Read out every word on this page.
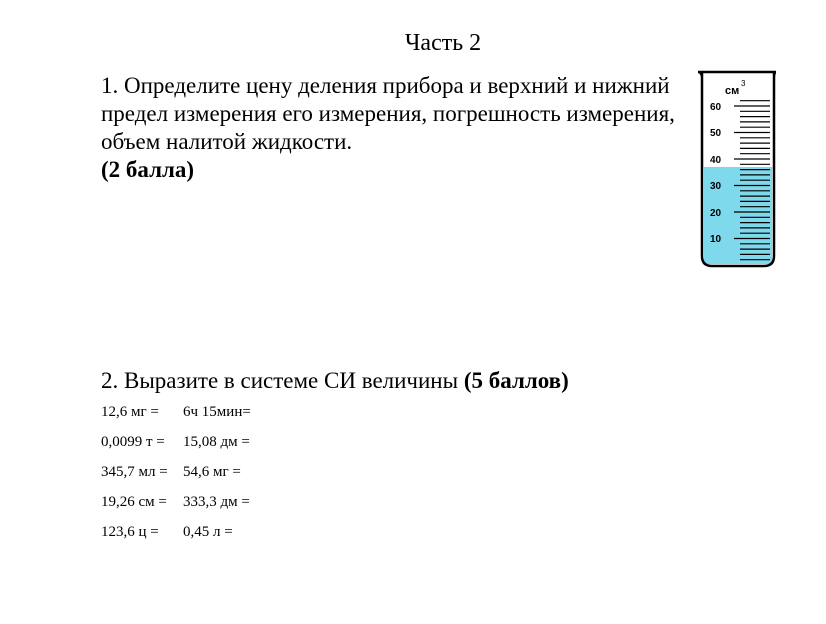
Часть 2
1. Определите цену деления прибора и верхний и нижний предел измерения его измерения, погрешность измерения, объем налитой жидкости.
(2 балла)
см
3
60
50
40
30
20
10
2. Выразите в системе СИ величины (5 баллов)
12,6 мг = 6ч 15мин=
0,0099 т = 15,08 дм =
345,7 мл = 54,6 мг =
19,26 см = 333,3 дм =
123,6 ц = 0,45 л =
